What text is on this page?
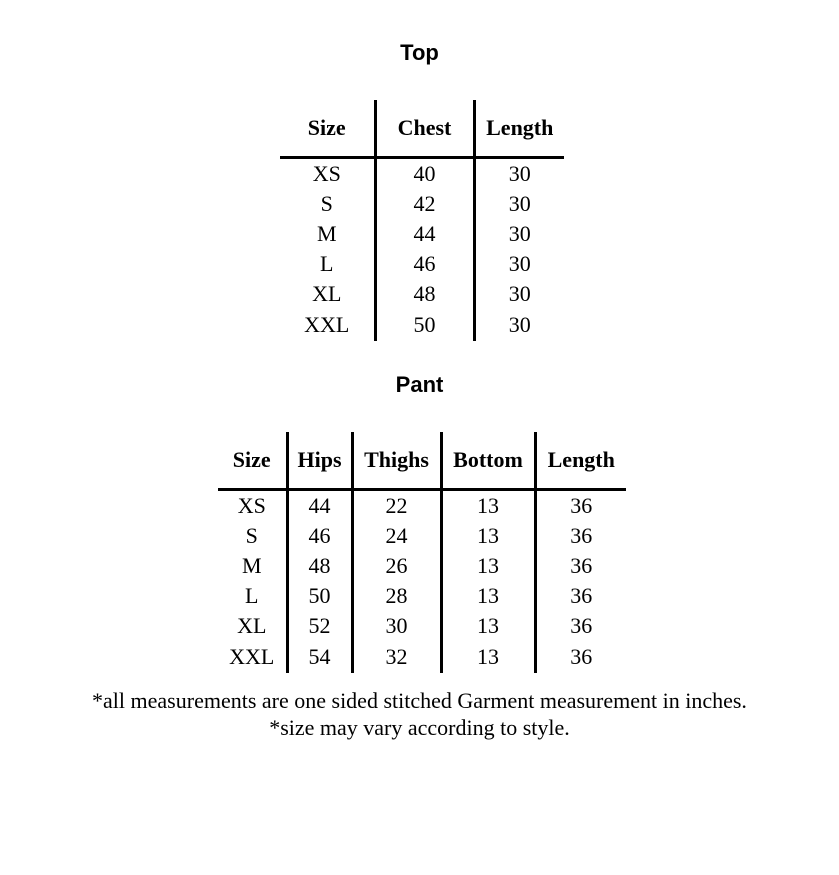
Top
Size	Chest	Length
XS	40	30
S	42	30
M	44	30
L	46	30
XL	48	30
XXL	50	30
Pant
Size	Hips	Thighs	Bottom	Length
XS	44	22	13	36
S	46	24	13	36
M	48	26	13	36
L	50	28	13	36
XL	52	30	13	36
XXL	54	32	13	36

*all measurements are one sided stitched Garment measurement in inches.

*size may vary according to style.
